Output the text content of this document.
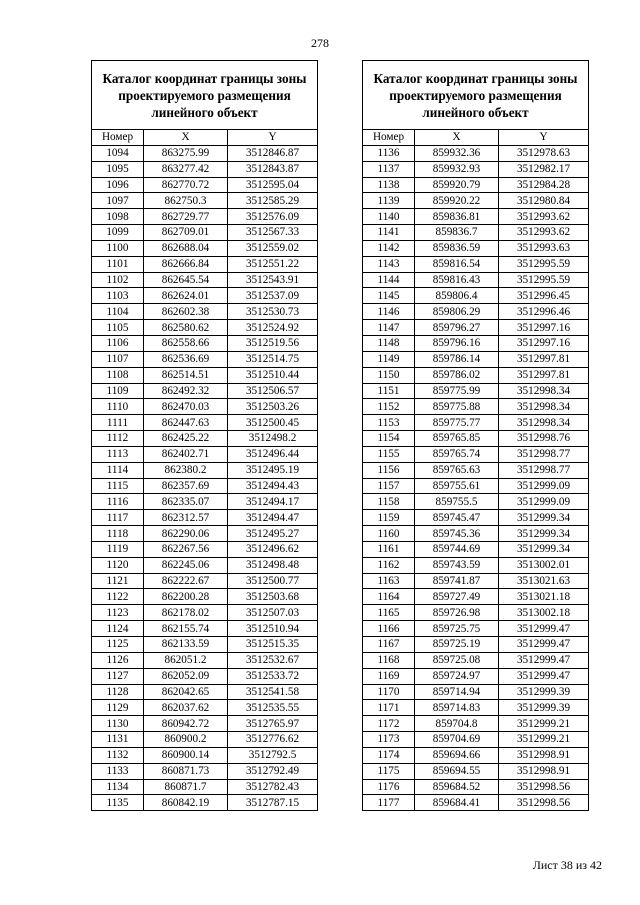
278
Каталог координат границы зоны проектируемого размещения линейного объект		
Номер	X	Y
1094	863275.99	3512846.87
1095	863277.42	3512843.87
1096	862770.72	3512595.04
1097	862750.3	3512585.29
1098	862729.77	3512576.09
1099	862709.01	3512567.33
1100	862688.04	3512559.02
1101	862666.84	3512551.22
1102	862645.54	3512543.91
1103	862624.01	3512537.09
1104	862602.38	3512530.73
1105	862580.62	3512524.92
1106	862558.66	3512519.56
1107	862536.69	3512514.75
1108	862514.51	3512510.44
1109	862492.32	3512506.57
1110	862470.03	3512503.26
1111	862447.63	3512500.45
1112	862425.22	3512498.2
1113	862402.71	3512496.44
1114	862380.2	3512495.19
1115	862357.69	3512494.43
1116	862335.07	3512494.17
1117	862312.57	3512494.47
1118	862290.06	3512495.27
1119	862267.56	3512496.62
1120	862245.06	3512498.48
1121	862222.67	3512500.77
1122	862200.28	3512503.68
1123	862178.02	3512507.03
1124	862155.74	3512510.94
1125	862133.59	3512515.35
1126	862051.2	3512532.67
1127	862052.09	3512533.72
1128	862042.65	3512541.58
1129	862037.62	3512535.55
1130	860942.72	3512765.97
1131	860900.2	3512776.62
1132	860900.14	3512792.5
1133	860871.73	3512792.49
1134	860871.7	3512782.43
1135	860842.19	3512787.15
Каталог координат границы зоны проектируемого размещения линейного объект		
Номер	X	Y
1136	859932.36	3512978.63
1137	859932.93	3512982.17
1138	859920.79	3512984.28
1139	859920.22	3512980.84
1140	859836.81	3512993.62
1141	859836.7	3512993.62
1142	859836.59	3512993.63
1143	859816.54	3512995.59
1144	859816.43	3512995.59
1145	859806.4	3512996.45
1146	859806.29	3512996.46
1147	859796.27	3512997.16
1148	859796.16	3512997.16
1149	859786.14	3512997.81
1150	859786.02	3512997.81
1151	859775.99	3512998.34
1152	859775.88	3512998.34
1153	859775.77	3512998.34
1154	859765.85	3512998.76
1155	859765.74	3512998.77
1156	859765.63	3512998.77
1157	859755.61	3512999.09
1158	859755.5	3512999.09
1159	859745.47	3512999.34
1160	859745.36	3512999.34
1161	859744.69	3512999.34
1162	859743.59	3513002.01
1163	859741.87	3513021.63
1164	859727.49	3513021.18
1165	859726.98	3513002.18
1166	859725.75	3512999.47
1167	859725.19	3512999.47
1168	859725.08	3512999.47
1169	859724.97	3512999.47
1170	859714.94	3512999.39
1171	859714.83	3512999.39
1172	859704.8	3512999.21
1173	859704.69	3512999.21
1174	859694.66	3512998.91
1175	859694.55	3512998.91
1176	859684.52	3512998.56
1177	859684.41	3512998.56
Лист 38 из 42
